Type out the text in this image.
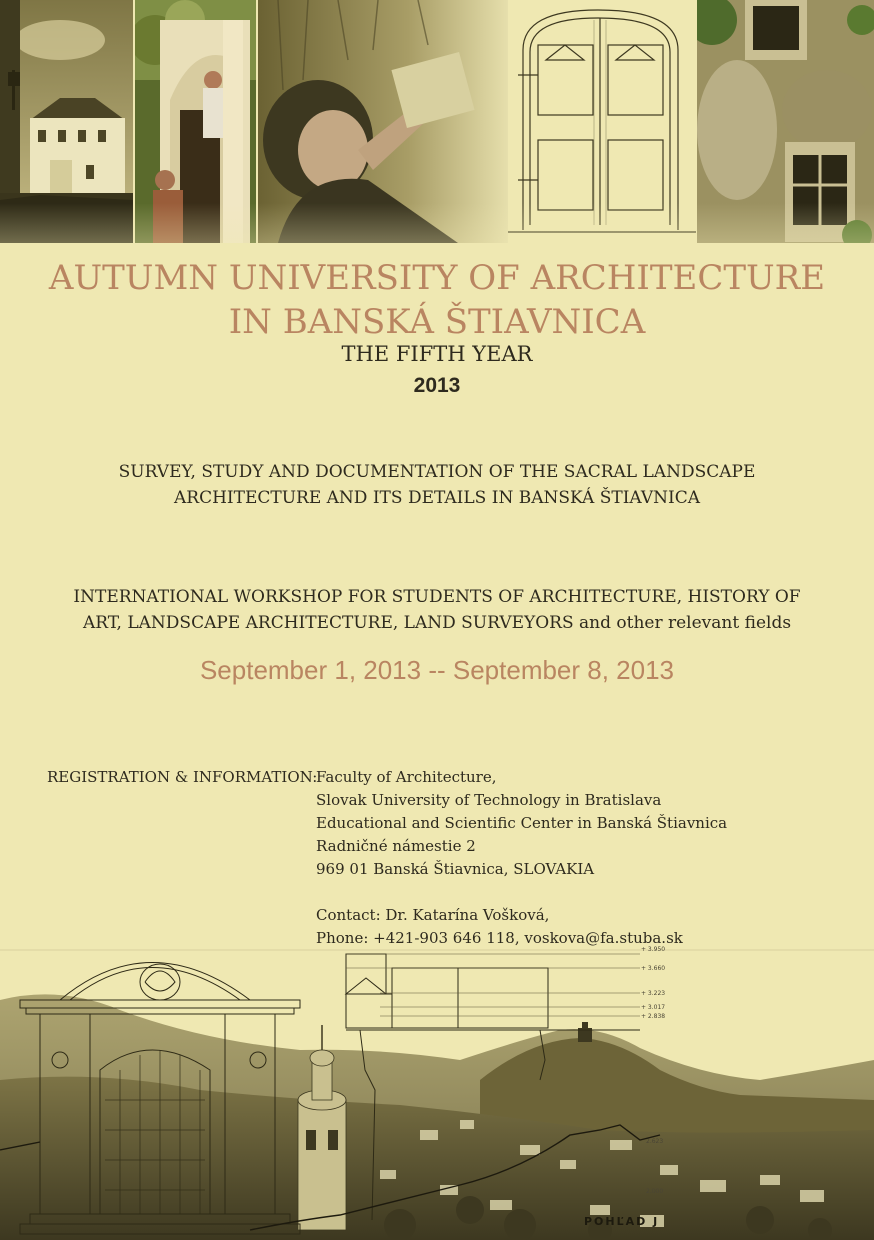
AUTUMN UNIVERSITY OF ARCHITECTURE
IN BANSKÁ ŠTIAVNICA
THE FIFTH YEAR
2013
SURVEY, STUDY AND DOCUMENTATION OF THE SACRAL LANDSCAPE
ARCHITECTURE AND ITS DETAILS IN BANSKÁ ŠTIAVNICA
INTERNATIONAL WORKSHOP FOR STUDENTS OF ARCHITECTURE, HISTORY OF
ART, LANDSCAPE ARCHITECTURE, LAND SURVEYORS and other relevant fields
September 1, 2013 -- September 8, 2013
REGISTRATION & INFORMATION:
Faculty of Architecture,
Slovak University of Technology in Bratislava
Educational and Scientific Center in Banská Štiavnica
Radničné námestie 2
969 01 Banská Štiavnica, SLOVAKIA
Contact: Dr. Katarína Vošková,
Phone: +421-903 646 118, voskova@fa.stuba.sk
+ 3.950
+ 3.660
+ 3.223
+ 3.017
+ 2.838
2.623
2.000
POHĽAD J
